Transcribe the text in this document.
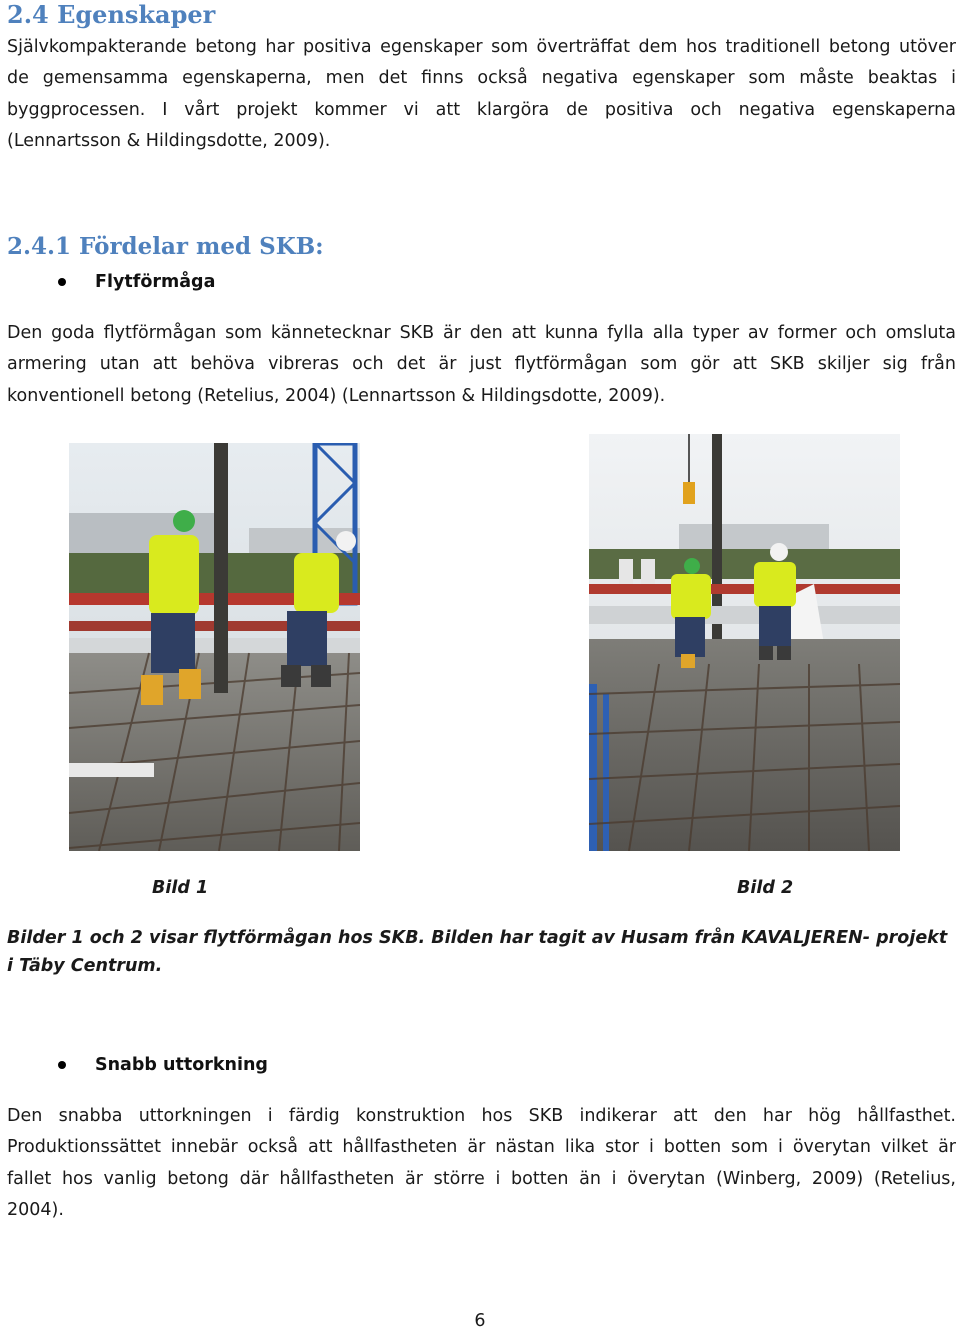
2.4 Egenskaper
Självkompakterande betong har positiva egenskaper som överträffat dem hos traditionell betong utöver
de gemensamma egenskaperna, men det finns också negativa egenskaper som måste beaktas i
byggprocessen. I vårt projekt kommer vi att klargöra de positiva och negativa egenskaperna
(Lennartsson & Hildingsdotte, 2009).
2.4.1 Fördelar med SKB:
Flytförmåga
Den goda flytförmågan som kännetecknar SKB är den att kunna fylla alla typer av former och omsluta
armering utan att behöva vibreras och det är just flytförmågan som gör att SKB skiljer sig från
konventionell betong (Retelius, 2004) (Lennartsson & Hildingsdotte, 2009).
Bild 1	Bild 2
Bilder 1 och 2 visar flytförmågan hos SKB. Bilden har tagit av Husam från KAVALJEREN- projekt i Täby Centrum.
Snabb uttorkning
Den snabba uttorkningen i färdig konstruktion hos SKB indikerar att den har hög hållfasthet.
Produktionssättet innebär också att hållfastheten är nästan lika stor i botten som i överytan vilket är
fallet hos vanlig betong där hållfastheten är större i botten än i överytan (Winberg, 2009) (Retelius,
2004).
6
